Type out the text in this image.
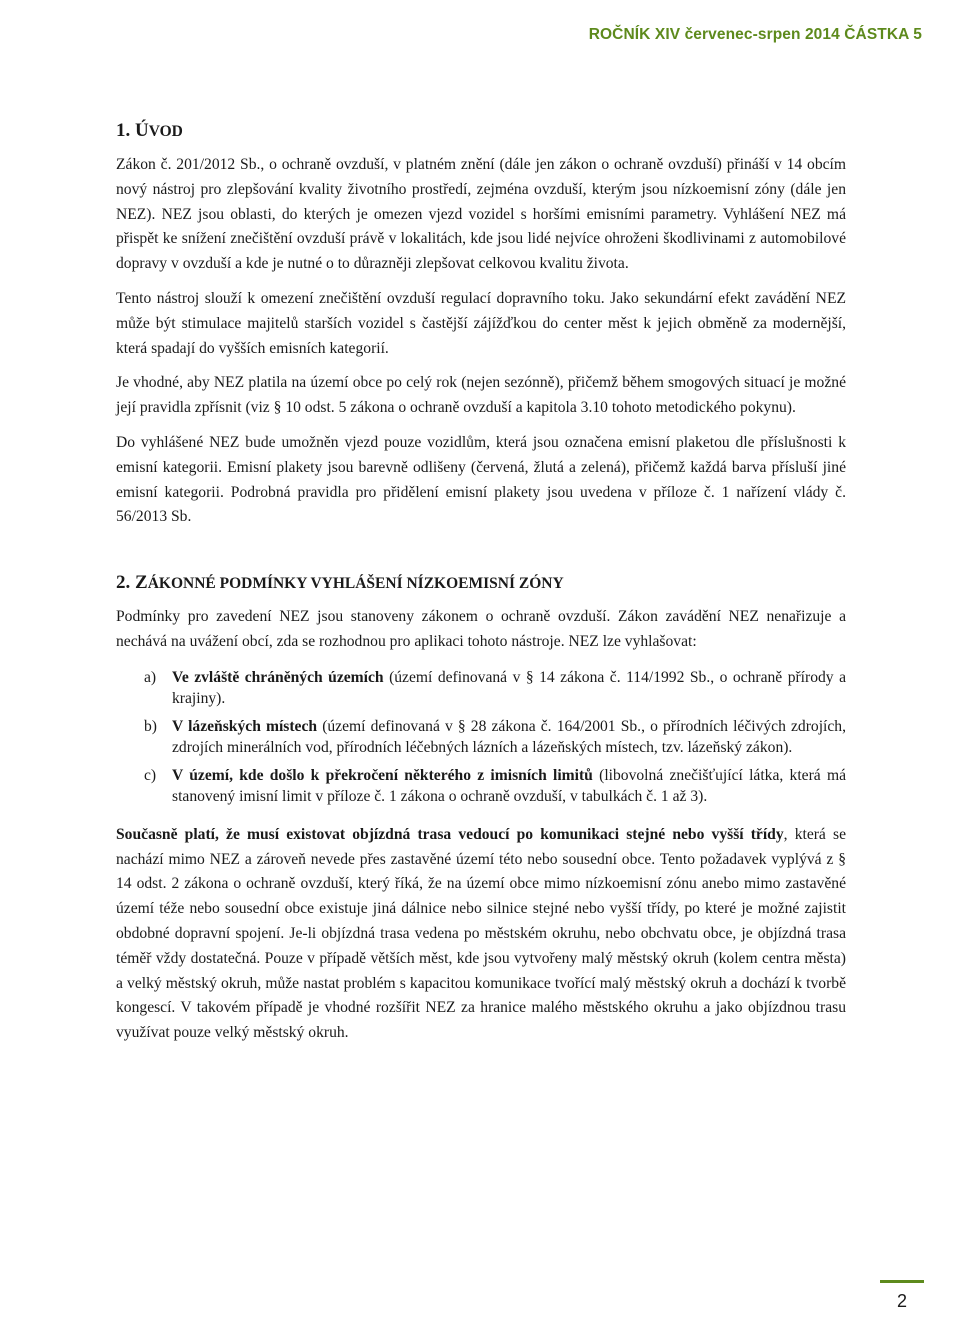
ROČNÍK XIV červenec-srpen 2014 ČÁSTKA 5
1. ÚVOD

Zákon č. 201/2012 Sb., o ochraně ovzduší, v platném znění (dále jen zákon o ochraně ovzduší) přináší v 14 obcím nový nástroj pro zlepšování kvality životního prostředí, zejména ovzduší, kterým jsou nízkoemisní zóny (dále jen NEZ). NEZ jsou oblasti, do kterých je omezen vjezd vozidel s horšími emisními parametry. Vyhlášení NEZ má přispět ke snížení znečištění ovzduší právě v lokalitách, kde jsou lidé nejvíce ohroženi škodlivinami z automobilové dopravy v ovzduší a kde je nutné o to důrazněji zlepšovat celkovou kvalitu života.

Tento nástroj slouží k omezení znečištění ovzduší regulací dopravního toku. Jako sekundární efekt zavádění NEZ může být stimulace majitelů starších vozidel s častější zájížďkou do center měst k jejich obměně za modernější, která spadají do vyšších emisních kategorií.

Je vhodné, aby NEZ platila na území obce po celý rok (nejen sezónně), přičemž během smogových situací je možné její pravidla zpřísnit (viz § 10 odst. 5 zákona o ochraně ovzduší a kapitola 3.10 tohoto metodického pokynu).

Do vyhlášené NEZ bude umožněn vjezd pouze vozidlům, která jsou označena emisní plaketou dle příslušnosti k emisní kategorii. Emisní plakety jsou barevně odlišeny (červená, žlutá a zelená), přičemž každá barva přísluší jiné emisní kategorii. Podrobná pravidla pro přidělení emisní plakety jsou uvedena v příloze č. 1 nařízení vlády č. 56/2013 Sb.

2. ZÁKONNÉ PODMÍNKY VYHLÁŠENÍ NÍZKOEMISNÍ ZÓNY

Podmínky pro zavedení NEZ jsou stanoveny zákonem o ochraně ovzduší. Zákon zavádění NEZ nenařizuje a nechává na uvážení obcí, zda se rozhodnou pro aplikaci tohoto nástroje. NEZ lze vyhlašovat:

a) Ve zvláště chráněných územích (území definovaná v § 14 zákona č. 114/1992 Sb., o ochraně přírody a krajiny).
b) V lázeňských místech (území definovaná v § 28 zákona č. 164/2001 Sb., o přírodních léčivých zdrojích, zdrojích minerálních vod, přírodních léčebných lázních a lázeňských místech, tzv. lázeňský zákon).
c) V území, kde došlo k překročení některého z imisních limitů (libovolná znečišťující látka, která má stanovený imisní limit v příloze č. 1 zákona o ochraně ovzduší, v tabulkách č. 1 až 3).

Současně platí, že musí existovat objízdná trasa vedoucí po komunikaci stejné nebo vyšší třídy, která se nachází mimo NEZ a zároveň nevede přes zastavěné území této nebo sousední obce. Tento požadavek vyplývá z § 14 odst. 2 zákona o ochraně ovzduší, který říká, že na území obce mimo nízkoemisní zónu anebo mimo zastavěné území téže nebo sousední obce existuje jiná dálnice nebo silnice stejné nebo vyšší třídy, po které je možné zajistit obdobné dopravní spojení. Je-li objízdná trasa vedena po městském okruhu, nebo obchvatu obce, je objízdná trasa téměř vždy dostatečná. Pouze v případě větších měst, kde jsou vytvořeny malý městský okruh (kolem centra města) a velký městský okruh, může nastat problém s kapacitou komunikace tvořící malý městský okruh a dochází k tvorbě kongescí. V takovém případě je vhodné rozšířit NEZ za hranice malého městského okruhu a jako objízdnou trasu využívat pouze velký městský okruh.

2
